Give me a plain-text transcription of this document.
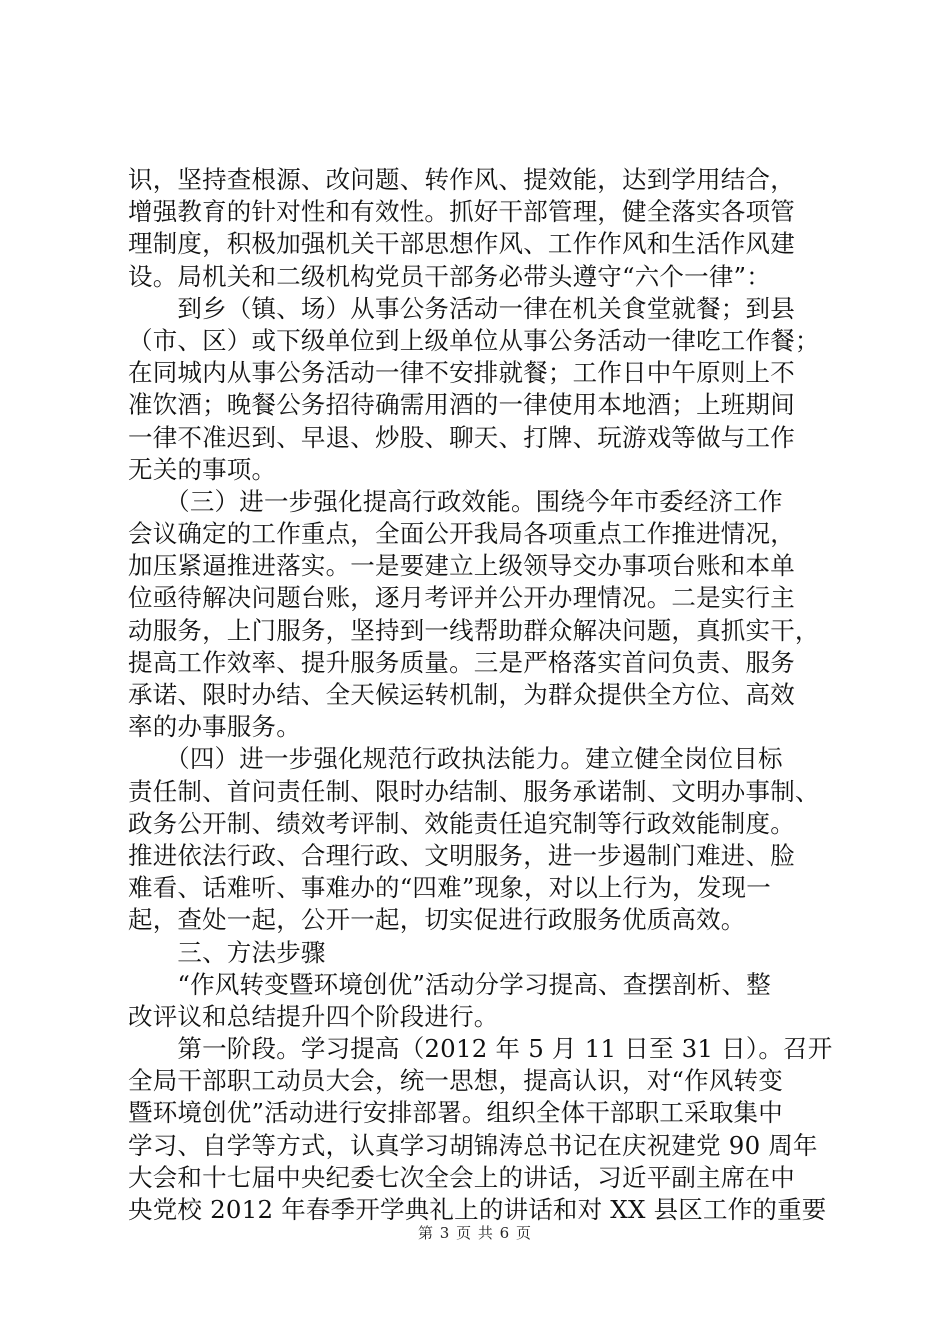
识，坚持查根源、改问题、转作风、提效能，达到学用结合，
增强教育的针对性和有效性。抓好干部管理，健全落实各项管
理制度，积极加强机关干部思想作风、工作作风和生活作风建
设。局机关和二级机构党员干部务必带头遵守“六个一律”：
　　到乡（镇、场）从事公务活动一律在机关食堂就餐；到县
（市、区）或下级单位到上级单位从事公务活动一律吃工作餐；
在同城内从事公务活动一律不安排就餐；工作日中午原则上不
准饮酒；晚餐公务招待确需用酒的一律使用本地酒；上班期间
一律不准迟到、早退、炒股、聊天、打牌、玩游戏等做与工作
无关的事项。
　　（三）进一步强化提高行政效能。围绕今年市委经济工作
会议确定的工作重点，全面公开我局各项重点工作推进情况，
加压紧逼推进落实。一是要建立上级领导交办事项台账和本单
位亟待解决问题台账，逐月考评并公开办理情况。二是实行主
动服务，上门服务，坚持到一线帮助群众解决问题，真抓实干，
提高工作效率、提升服务质量。三是严格落实首问负责、服务
承诺、限时办结、全天候运转机制，为群众提供全方位、高效
率的办事服务。
　　（四）进一步强化规范行政执法能力。建立健全岗位目标
责任制、首问责任制、限时办结制、服务承诺制、文明办事制、
政务公开制、绩效考评制、效能责任追究制等行政效能制度。
推进依法行政、合理行政、文明服务，进一步遏制门难进、脸
难看、话难听、事难办的“四难”现象，对以上行为，发现一
起，查处一起，公开一起，切实促进行政服务优质高效。
　　三、方法步骤
　　“作风转变暨环境创优”活动分学习提高、查摆剖析、整
改评议和总结提升四个阶段进行。
　　第一阶段。学习提高（2012 年 5 月 11 日至 31 日）。召开
全局干部职工动员大会，统一思想，提高认识，对“作风转变
暨环境创优”活动进行安排部署。组织全体干部职工采取集中
学习、自学等方式，认真学习胡锦涛总书记在庆祝建党 90 周年
大会和十七届中央纪委七次全会上的讲话，习近平副主席在中
央党校 2012 年春季开学典礼上的讲话和对 XX 县区工作的重要
第 3 页 共 6 页
